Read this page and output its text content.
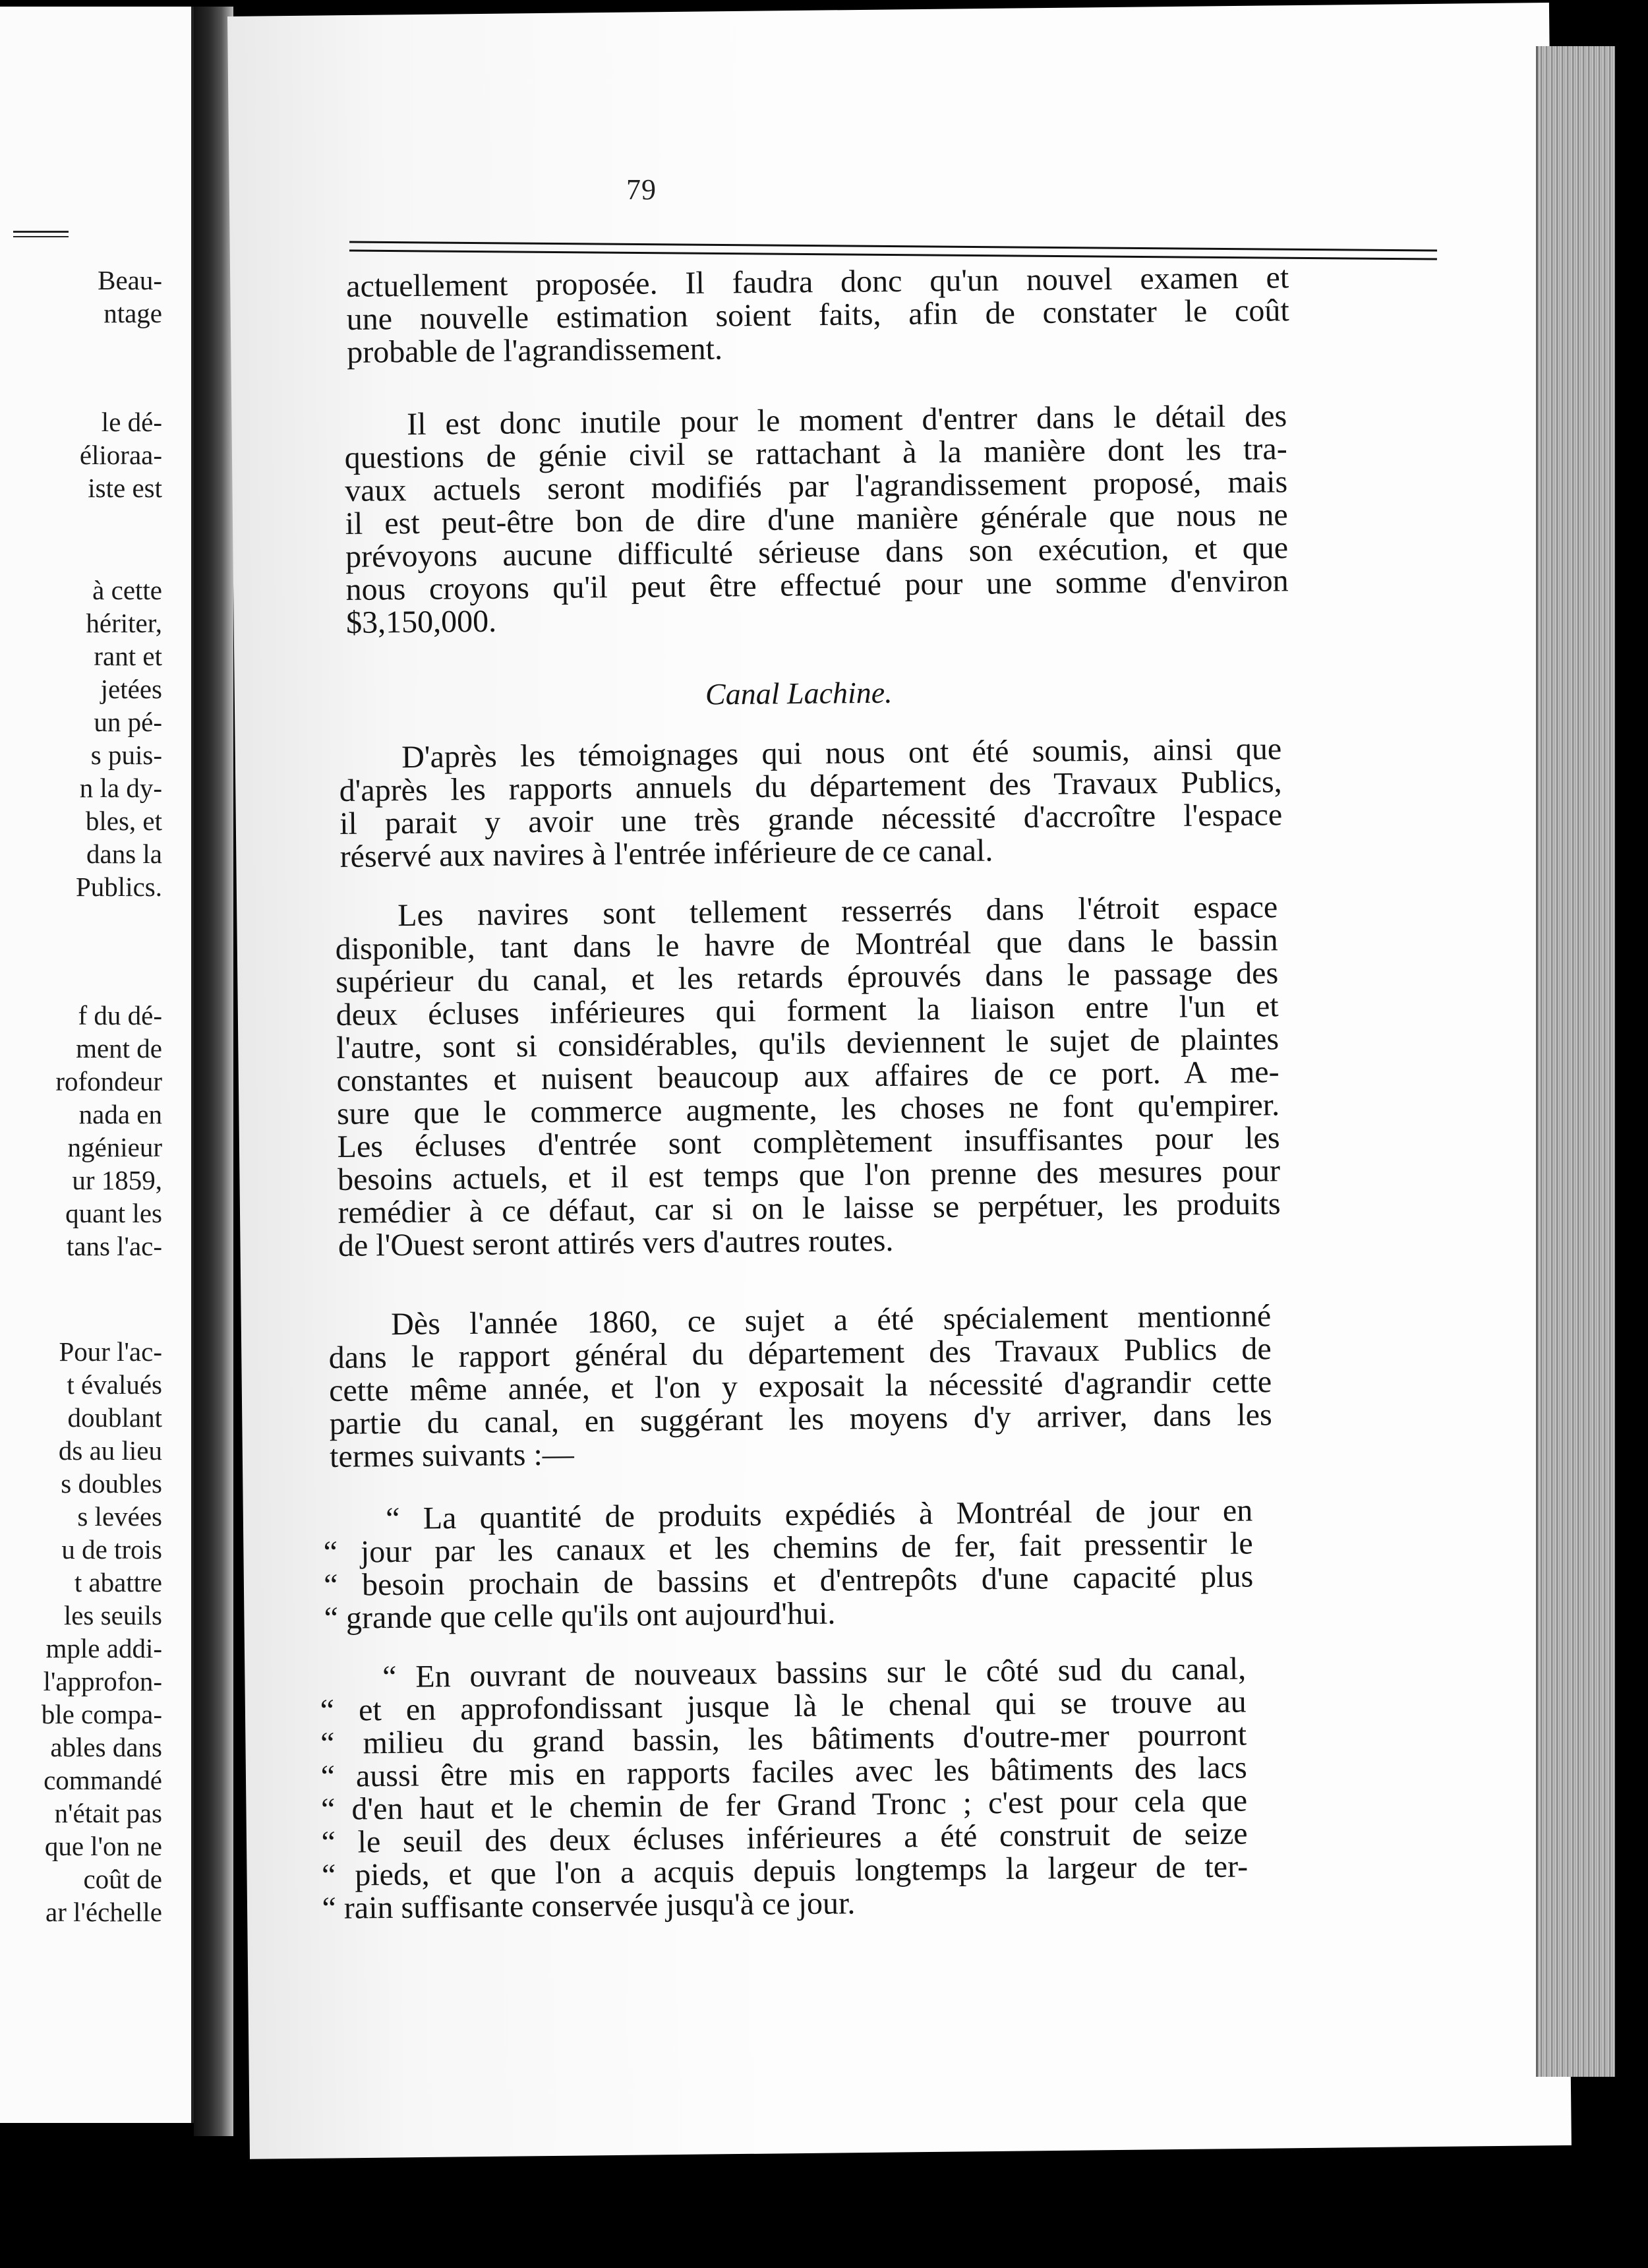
Beau-
ntage
le dé-
élioraa-
iste est
à cette
hériter,
rant et
jetées
un pé-
s puis-
n la dy-
bles, et
dans la
Publics.
f du dé-
ment de
rofondeur
nada en
ngénieur
ur 1859,
quant les
tans l'ac-
Pour l'ac-
t évalués
doublant
ds au lieu
s doubles
s levées
u de trois
t abattre
les seuils
mple addi-
l'approfon-
ble compa-
ables dans
commandé
n'était pas
que l'on ne
coût de
ar l'échelle
79
actuellement proposée. Il faudra donc qu'un nouvel examen et
une nouvelle estimation soient faits, afin de constater le coût
probable de l'agrandissement.
Il est donc inutile pour le moment d'entrer dans le détail des
questions de génie civil se rattachant à la manière dont les tra-
vaux actuels seront modifiés par l'agrandissement proposé, mais
il est peut-être bon de dire d'une manière générale que nous ne
prévoyons aucune difficulté sérieuse dans son exécution, et que
nous croyons qu'il peut être effectué pour une somme d'environ
$3,150,000.
Canal Lachine.
D'après les témoignages qui nous ont été soumis, ainsi que
d'après les rapports annuels du département des Travaux Publics,
il parait y avoir une très grande nécessité d'accroître l'espace
réservé aux navires à l'entrée inférieure de ce canal.
Les navires sont tellement resserrés dans l'étroit espace
disponible, tant dans le havre de Montréal que dans le bassin
supérieur du canal, et les retards éprouvés dans le passage des
deux écluses inférieures qui forment la liaison entre l'un et
l'autre, sont si considérables, qu'ils deviennent le sujet de plaintes
constantes et nuisent beaucoup aux affaires de ce port. A me-
sure que le commerce augmente, les choses ne font qu'empirer.
Les écluses d'entrée sont complètement insuffisantes pour les
besoins actuels, et il est temps que l'on prenne des mesures pour
remédier à ce défaut, car si on le laisse se perpétuer, les produits
de l'Ouest seront attirés vers d'autres routes.
Dès l'année 1860, ce sujet a été spécialement mentionné
dans le rapport général du département des Travaux Publics de
cette même année, et l'on y exposait la nécessité d'agrandir cette
partie du canal, en suggérant les moyens d'y arriver, dans les
termes suivants :—
“ La quantité de produits expédiés à Montréal de jour en
“ jour par les canaux et les chemins de fer, fait pressentir le
“ besoin prochain de bassins et d'entrepôts d'une capacité plus
“ grande que celle qu'ils ont aujourd'hui.
“ En ouvrant de nouveaux bassins sur le côté sud du canal,
“ et en approfondissant jusque là le chenal qui se trouve au
“ milieu du grand bassin, les bâtiments d'outre-mer pourront
“ aussi être mis en rapports faciles avec les bâtiments des lacs
“ d'en haut et le chemin de fer Grand Tronc ; c'est pour cela que
“ le seuil des deux écluses inférieures a été construit de seize
“ pieds, et que l'on a acquis depuis longtemps la largeur de ter-
“ rain suffisante conservée jusqu'à ce jour.
